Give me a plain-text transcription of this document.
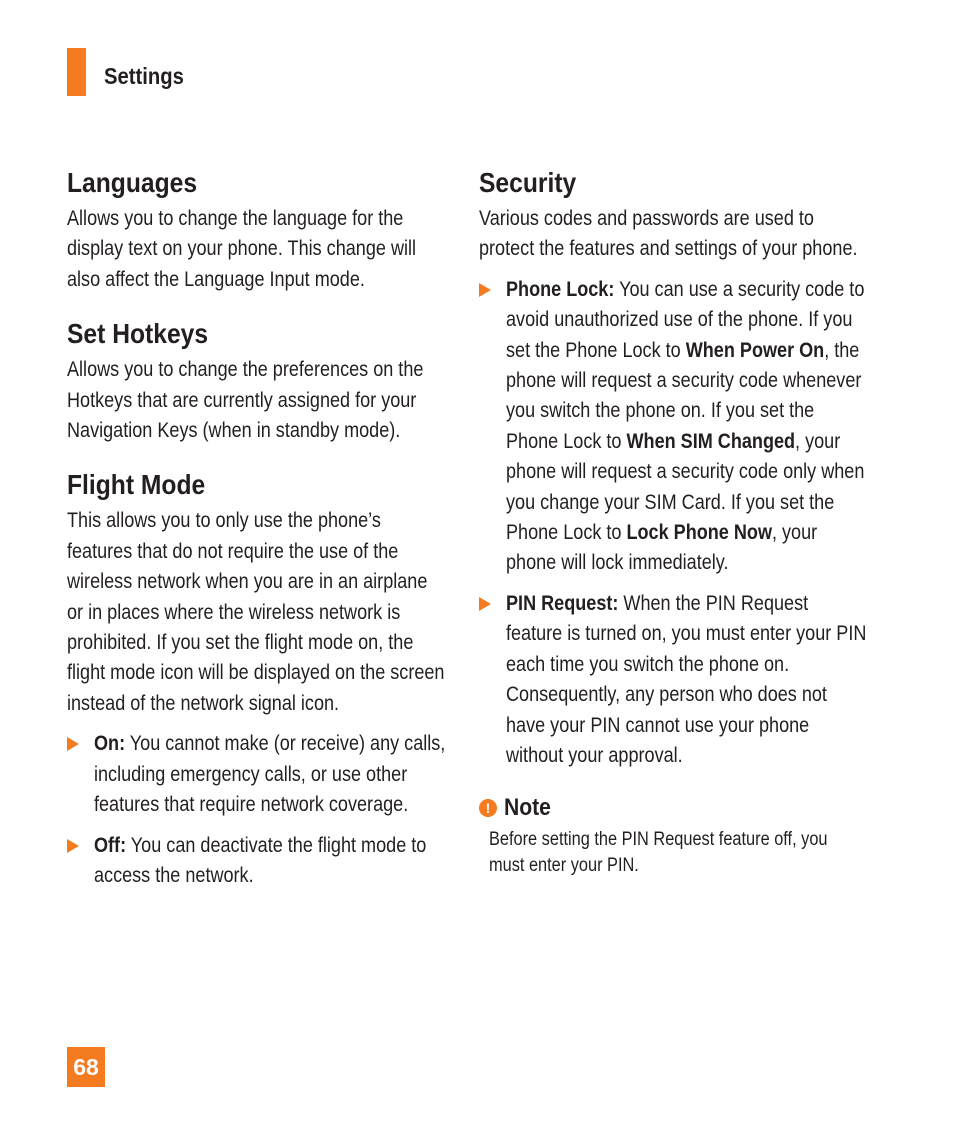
Settings
Languages

Allows you to change the language for the display text on your phone. This change will also affect the Language Input mode.

Set Hotkeys

Allows you to change the preferences on the Hotkeys that are currently assigned for your Navigation Keys (when in standby mode).

Flight Mode

This allows you to only use the phone’s features that do not require the use of the wireless network when you are in an airplane or in places where the wireless network is prohibited. If you set the flight mode on, the flight mode icon will be displayed on the screen instead of the network signal icon.

On: You cannot make (or receive) any calls, including emergency calls, or use other features that require network coverage.

Off: You can deactivate the flight mode to access the network.

Security

Various codes and passwords are used to protect the features and settings of your phone.

Phone Lock: You can use a security code to avoid unauthorized use of the phone. If you set the Phone Lock to When Power On, the phone will request a security code whenever you switch the phone on. If you set the Phone Lock to When SIM Changed, your phone will request a security code only when you change your SIM Card. If you set the Phone Lock to Lock Phone Now, your phone will lock immediately.

PIN Request: When the PIN Request feature is turned on, you must enter your PIN each time you switch the phone on. Consequently, any person who does not have your PIN cannot use your phone without your approval.

! Note

Before setting the PIN Request feature off, you must enter your PIN.

68
